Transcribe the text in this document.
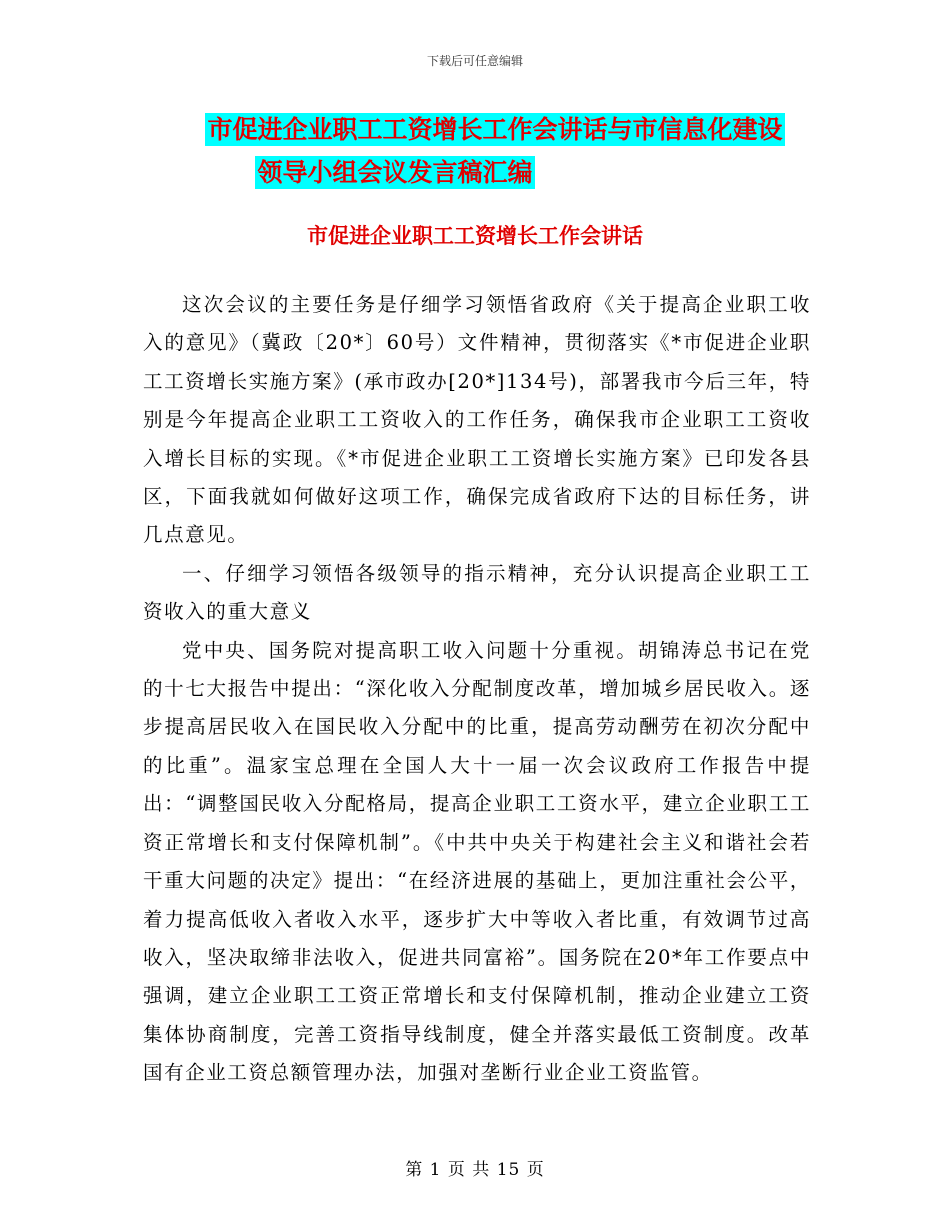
下载后可任意编辑
市促进企业职工工资增长工作会讲话与市信息化建设
领导小组会议发言稿汇编
市促进企业职工工资增长工作会讲话

这次会议的主要任务是仔细学习领悟省政府《关于提高企业职工收入的意见》（冀政〔20*〕60号）文件精神，贯彻落实《*市促进企业职工工资增长实施方案》(承市政办[20*]134号)，部署我市今后三年，特别是今年提高企业职工工资收入的工作任务，确保我市企业职工工资收入增长目标的实现。《*市促进企业职工工资增长实施方案》已印发各县区，下面我就如何做好这项工作，确保完成省政府下达的目标任务，讲几点意见。

一、仔细学习领悟各级领导的指示精神，充分认识提高企业职工工资收入的重大意义

党中央、国务院对提高职工收入问题十分重视。胡锦涛总书记在党的十七大报告中提出：“深化收入分配制度改革，增加城乡居民收入。逐步提高居民收入在国民收入分配中的比重，提高劳动酬劳在初次分配中的比重”。温家宝总理在全国人大十一届一次会议政府工作报告中提出：“调整国民收入分配格局，提高企业职工工资水平，建立企业职工工资正常增长和支付保障机制”。《中共中央关于构建社会主义和谐社会若干重大问题的决定》提出：“在经济进展的基础上，更加注重社会公平，着力提高低收入者收入水平，逐步扩大中等收入者比重，有效调节过高收入，坚决取缔非法收入，促进共同富裕”。国务院在20*年工作要点中强调，建立企业职工工资正常增长和支付保障机制，推动企业建立工资集体协商制度，完善工资指导线制度，健全并落实最低工资制度。改革国有企业工资总额管理办法，加强对垄断行业企业工资监管。

第 1 页 共 15 页
